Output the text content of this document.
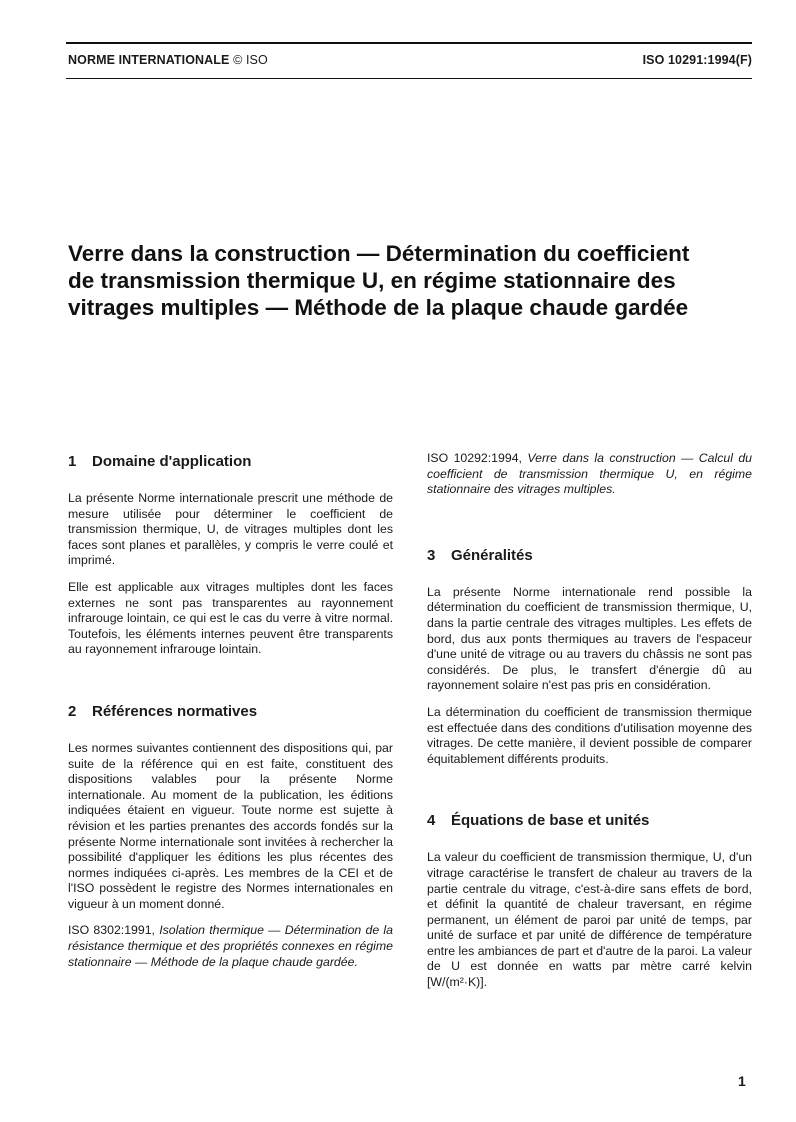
NORME INTERNATIONALE © ISO	ISO 10291:1994(F)
Verre dans la construction — Détermination du coefficient de transmission thermique U, en régime stationnaire des vitrages multiples — Méthode de la plaque chaude gardée
1 Domaine d'application

La présente Norme internationale prescrit une méthode de mesure utilisée pour déterminer le coefficient de transmission thermique, U, de vitrages multiples dont les faces sont planes et parallèles, y compris le verre coulé et imprimé.

Elle est applicable aux vitrages multiples dont les faces externes ne sont pas transparentes au rayonnement infrarouge lointain, ce qui est le cas du verre à vitre normal. Toutefois, les éléments internes peuvent être transparents au rayonnement infrarouge lointain.

2 Références normatives

Les normes suivantes contiennent des dispositions qui, par suite de la référence qui en est faite, constituent des dispositions valables pour la présente Norme internationale. Au moment de la publication, les éditions indiquées étaient en vigueur. Toute norme est sujette à révision et les parties prenantes des accords fondés sur la présente Norme internationale sont invitées à rechercher la possibilité d'appliquer les éditions les plus récentes des normes indiquées ci-après. Les membres de la CEI et de l'ISO possèdent le registre des Normes internationales en vigueur à un moment donné.

ISO 8302:1991, Isolation thermique — Détermination de la résistance thermique et des propriétés connexes en régime stationnaire — Méthode de la plaque chaude gardée.

ISO 10292:1994, Verre dans la construction — Calcul du coefficient de transmission thermique U, en régime stationnaire des vitrages multiples.

3 Généralités

La présente Norme internationale rend possible la détermination du coefficient de transmission thermique, U, dans la partie centrale des vitrages multiples. Les effets de bord, dus aux ponts thermiques au travers de l'espaceur d'une unité de vitrage ou au travers du châssis ne sont pas considérés. De plus, le transfert d'énergie dû au rayonnement solaire n'est pas pris en considération.

La détermination du coefficient de transmission thermique est effectuée dans des conditions d'utilisation moyenne des vitrages. De cette manière, il devient possible de comparer équitablement différents produits.

4 Équations de base et unités

La valeur du coefficient de transmission thermique, U, d'un vitrage caractérise le transfert de chaleur au travers de la partie centrale du vitrage, c'est-à-dire sans effets de bord, et définit la quantité de chaleur traversant, en régime permanent, un élément de paroi par unité de temps, par unité de surface et par unité de différence de température entre les ambiances de part et d'autre de la paroi. La valeur de U est donnée en watts par mètre carré kelvin [W/(m²·K)].

1
